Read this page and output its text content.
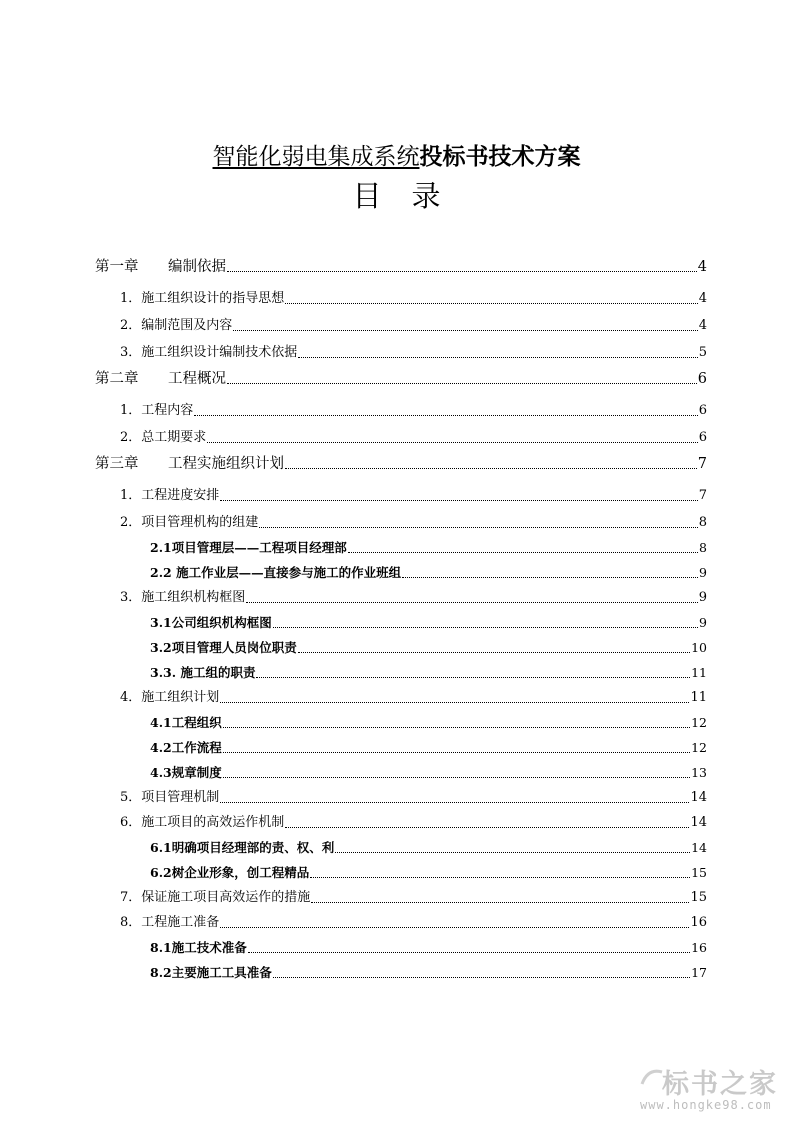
智能化弱电集成系统投标书技术方案
目录
第一章 编制依据	4
1．施工组织设计的指导思想	4
2．编制范围及内容	4
3．施工组织设计编制技术依据	5
第二章 工程概况	6
1．工程内容	6
2．总工期要求	6
第三章 工程实施组织计划	7
1．工程进度安排	7
2．项目管理机构的组建	8
2.1项目管理层——工程项目经理部	8
2.2 施工作业层——直接参与施工的作业班组	9
3．施工组织机构框图	9
3.1公司组织机构框图	9
3.2项目管理人员岗位职责	10
3.3. 施工组的职责	11
4．施工组织计划	11
4.1工程组织	12
4.2工作流程	12
4.3规章制度	13
5．项目管理机制	14
6．施工项目的高效运作机制	14
6.1明确项目经理部的责、权、利	14
6.2树企业形象，创工程精品	15
7．保证施工项目高效运作的措施	15
8．工程施工准备	16
8.1施工技术准备	16
8.2主要施工工具准备	17
标书之家
www.hongke98.com
